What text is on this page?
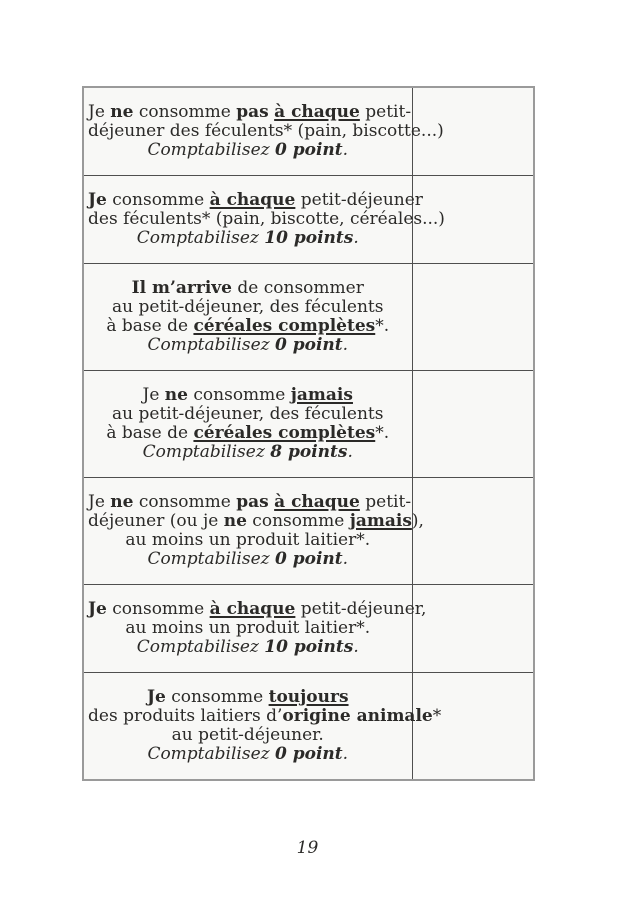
Je ne consomme pas à chaque petit-
déjeuner des féculents* (pain, biscotte...)
Comptabilisez 0 point.	

Je consomme à chaque petit-déjeuner
des féculents* (pain, biscotte, céréales...)
Comptabilisez 10 points.	

Il m’arrive de consommer
au petit-déjeuner, des féculents
à base de céréales complètes*.
Comptabilisez 0 point.	

Je ne consomme jamais
au petit-déjeuner, des féculents
à base de céréales complètes*.
Comptabilisez 8 points.	

Je ne consomme pas à chaque petit-
déjeuner (ou je ne consomme jamais),
au moins un produit laitier*.
Comptabilisez 0 point.	

Je consomme à chaque petit-déjeuner,
au moins un produit laitier*.
Comptabilisez 10 points.	

Je consomme toujours
des produits laitiers d’origine animale*
au petit-déjeuner.
Comptabilisez 0 point.	

19
